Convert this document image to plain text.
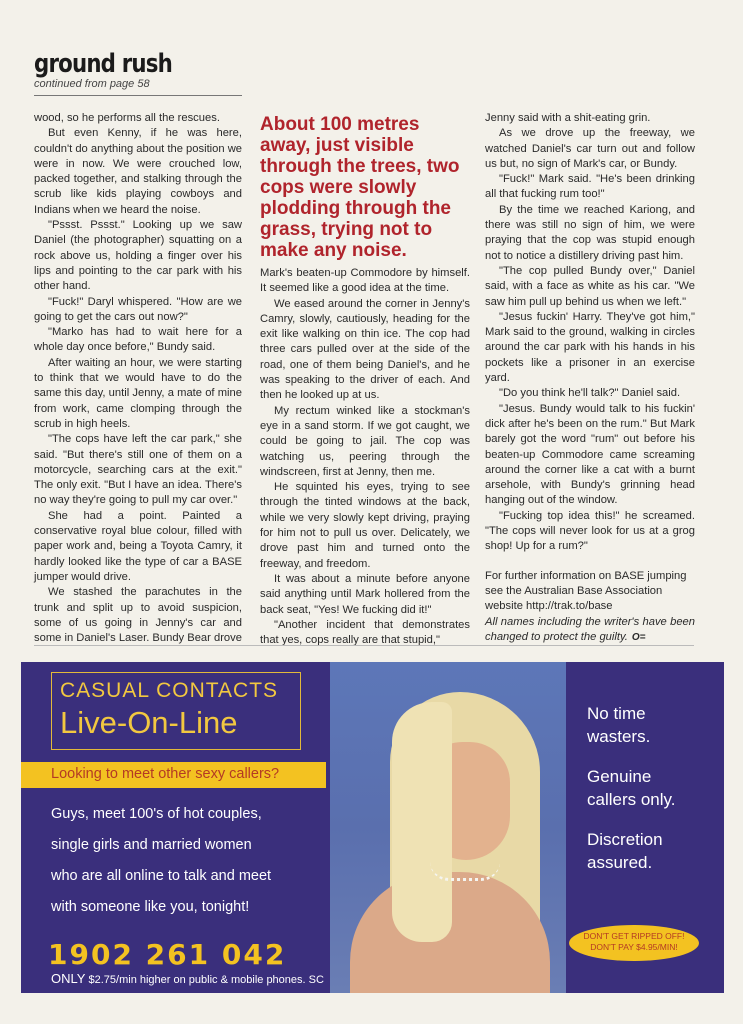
ground rush
continued from page 58

wood, so he performs all the rescues.

But even Kenny, if he was here, couldn't do anything about the position we were in now. We were crouched low, packed together, and stalking through the scrub like kids playing cowboys and Indians when we heard the noise.

"Pssst. Pssst." Looking up we saw Daniel (the photographer) squatting on a rock above us, holding a finger over his lips and pointing to the car park with his other hand.

"Fuck!" Daryl whispered. "How are we going to get the cars out now?"

"Marko has had to wait here for a whole day once before," Bundy said.

After waiting an hour, we were starting to think that we would have to do the same this day, until Jenny, a mate of mine from work, came clomping through the scrub in high heels.

"The cops have left the car park," she said. "But there's still one of them on a motorcycle, searching cars at the exit." The only exit. "But I have an idea. There's no way they're going to pull my car over."

She had a point. Painted a conservative royal blue colour, filled with paper work and, being a Toyota Camry, it hardly looked like the type of car a BASE jumper would drive.

We stashed the parachutes in the trunk and split up to avoid suspicion, some of us going in Jenny's car and some in Daniel's Laser. Bundy Bear drove

About 100 metres away, just visible through the trees, two cops were slowly plodding through the grass, trying not to make any noise.

Mark's beaten-up Commodore by himself. It seemed like a good idea at the time.

We eased around the corner in Jenny's Camry, slowly, cautiously, heading for the exit like walking on thin ice. The cop had three cars pulled over at the side of the road, one of them being Daniel's, and he was speaking to the driver of each. And then he looked up at us.

My rectum winked like a stockman's eye in a sand storm. If we got caught, we could be going to jail. The cop was watching us, peering through the windscreen, first at Jenny, then me.

He squinted his eyes, trying to see through the tinted windows at the back, while we very slowly kept driving, praying for him not to pull us over. Delicately, we drove past him and turned onto the freeway, and freedom.

It was about a minute before anyone said anything until Mark hollered from the back seat, "Yes! We fucking did it!"

"Another incident that demonstrates that yes, cops really are that stupid,"

Jenny said with a shit-eating grin.

As we drove up the freeway, we watched Daniel's car turn out and follow us but, no sign of Mark's car, or Bundy.

"Fuck!" Mark said. "He's been drinking all that fucking rum too!"

By the time we reached Kariong, and there was still no sign of him, we were praying that the cop was stupid enough not to notice a distillery driving past him.

"The cop pulled Bundy over," Daniel said, with a face as white as his car. "We saw him pull up behind us when we left."

"Jesus fuckin' Harry. They've got him," Mark said to the ground, walking in circles around the car park with his hands in his pockets like a prisoner in an exercise yard.

"Do you think he'll talk?" Daniel said.

"Jesus. Bundy would talk to his fuckin' dick after he's been on the rum." But Mark barely got the word "rum" out before his beaten-up Commodore came screaming around the corner like a cat with a burnt arsehole, with Bundy's grinning head hanging out of the window.

"Fucking top idea this!" he screamed. "The cops will never look for us at a grog shop! Up for a rum?"

For further information on BASE jumping see the Australian Base Association website http://trak.to/base

All names including the writer's have been changed to protect the guilty. O=

CASUAL CONTACTS
Live-On-Line
Looking to meet other sexy callers?
Guys, meet 100's of hot couples,
single girls and married women
who are all online to talk and meet
with someone like you, tonight!
1902 261 042
ONLY $2.75/min higher on public & mobile phones. SC
No time wasters.
Genuine callers only.
Discretion assured.
DON'T GET RIPPED OFF!
DON'T PAY $4.95/MIN!
